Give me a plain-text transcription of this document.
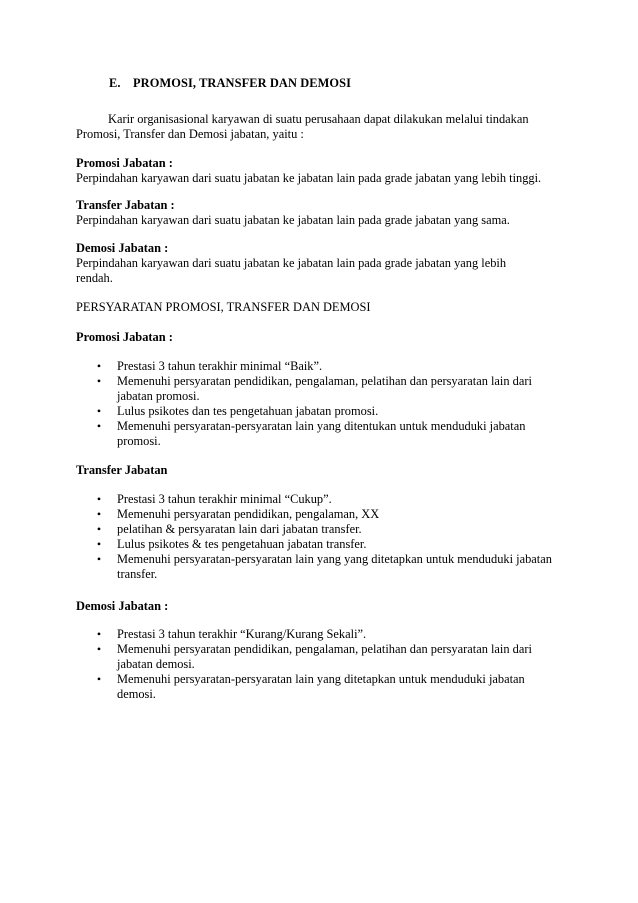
E. PROMOSI, TRANSFER DAN DEMOSI

Karir organisasional karyawan di suatu perusahaan dapat dilakukan melalui tindakan Promosi, Transfer dan Demosi jabatan, yaitu :

Promosi Jabatan :

Perpindahan karyawan dari suatu jabatan ke jabatan lain pada grade jabatan yang lebih tinggi.

Transfer Jabatan :

Perpindahan karyawan dari suatu jabatan ke jabatan lain pada grade jabatan yang sama.

Demosi Jabatan :

Perpindahan karyawan dari suatu jabatan ke jabatan lain pada grade jabatan yang lebih rendah.

PERSYARATAN PROMOSI, TRANSFER DAN DEMOSI

Promosi Jabatan :

• Prestasi 3 tahun terakhir minimal “Baik”.
• Memenuhi persyaratan pendidikan, pengalaman, pelatihan dan persyaratan lain dari jabatan promosi.
• Lulus psikotes dan tes pengetahuan jabatan promosi.
• Memenuhi persyaratan-persyaratan lain yang ditentukan untuk menduduki jabatan promosi.

Transfer Jabatan

• Prestasi 3 tahun terakhir minimal “Cukup”.
• Memenuhi persyaratan pendidikan, pengalaman, XX
• pelatihan & persyaratan lain dari jabatan transfer.
• Lulus psikotes & tes pengetahuan jabatan transfer.
• Memenuhi persyaratan-persyaratan lain yang yang ditetapkan untuk menduduki jabatan transfer.

Demosi Jabatan :

• Prestasi 3 tahun terakhir “Kurang/Kurang Sekali”.
• Memenuhi persyaratan pendidikan, pengalaman, pelatihan dan persyaratan lain dari jabatan demosi.
• Memenuhi persyaratan-persyaratan lain yang ditetapkan untuk menduduki jabatan demosi.
